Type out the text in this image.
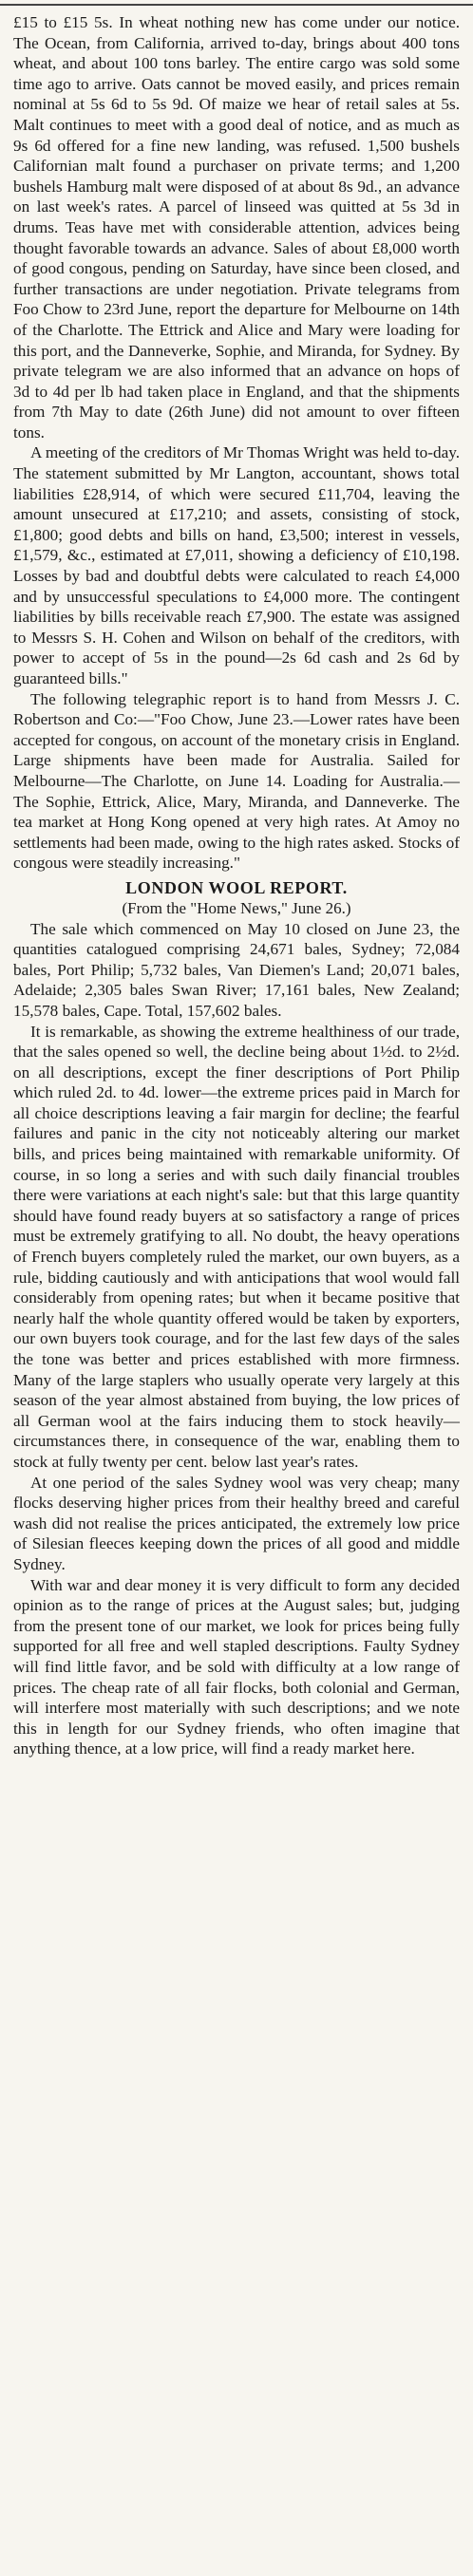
£15 to £15 5s. In wheat nothing new has come under our notice. The Ocean, from California, arrived to-day, brings about 400 tons wheat, and about 100 tons barley. The entire cargo was sold some time ago to arrive. Oats cannot be moved easily, and prices remain nominal at 5s 6d to 5s 9d. Of maize we hear of retail sales at 5s. Malt continues to meet with a good deal of notice, and as much as 9s 6d offered for a fine new landing, was refused. 1,500 bushels Californian malt found a purchaser on private terms; and 1,200 bushels Hamburg malt were disposed of at about 8s 9d., an advance on last week's rates. A parcel of linseed was quitted at 5s 3d in drums. Teas have met with considerable attention, advices being thought favorable towards an advance. Sales of about £8,000 worth of good congous, pending on Saturday, have since been closed, and further transactions are under negotiation. Private telegrams from Foo Chow to 23rd June, report the departure for Melbourne on 14th of the Charlotte. The Ettrick and Alice and Mary were loading for this port, and the Danneverke, Sophie, and Miranda, for Sydney. By private telegram we are also informed that an advance on hops of 3d to 4d per lb had taken place in England, and that the shipments from 7th May to date (26th June) did not amount to over fifteen tons.

A meeting of the creditors of Mr Thomas Wright was held to-day. The statement submitted by Mr Langton, accountant, shows total liabilities £28,914, of which were secured £11,704, leaving the amount unsecured at £17,210; and assets, consisting of stock, £1,800; good debts and bills on hand, £3,500; interest in vessels, £1,579, &c., estimated at £7,011, showing a deficiency of £10,198. Losses by bad and doubtful debts were calculated to reach £4,000 and by unsuccessful speculations to £4,000 more. The contingent liabilities by bills receivable reach £7,900. The estate was assigned to Messrs S. H. Cohen and Wilson on behalf of the creditors, with power to accept of 5s in the pound—2s 6d cash and 2s 6d by guaranteed bills."

The following telegraphic report is to hand from Messrs J. C. Robertson and Co:—"Foo Chow, June 23.—Lower rates have been accepted for congous, on account of the monetary crisis in England. Large shipments have been made for Australia. Sailed for Melbourne—The Charlotte, on June 14. Loading for Australia.—The Sophie, Ettrick, Alice, Mary, Miranda, and Danneverke. The tea market at Hong Kong opened at very high rates. At Amoy no settlements had been made, owing to the high rates asked. Stocks of congous were steadily increasing."

LONDON WOOL REPORT.

(From the "Home News," June 26.)

The sale which commenced on May 10 closed on June 23, the quantities catalogued comprising 24,671 bales, Sydney; 72,084 bales, Port Philip; 5,732 bales, Van Diemen's Land; 20,071 bales, Adelaide; 2,305 bales Swan River; 17,161 bales, New Zealand; 15,578 bales, Cape. Total, 157,602 bales.

It is remarkable, as showing the extreme healthiness of our trade, that the sales opened so well, the decline being about 1½d. to 2½d. on all descriptions, except the finer descriptions of Port Philip which ruled 2d. to 4d. lower—the extreme prices paid in March for all choice descriptions leaving a fair margin for decline; the fearful failures and panic in the city not noticeably altering our market bills, and prices being maintained with remarkable uniformity. Of course, in so long a series and with such daily financial troubles there were variations at each night's sale: but that this large quantity should have found ready buyers at so satisfactory a range of prices must be extremely gratifying to all. No doubt, the heavy operations of French buyers completely ruled the market, our own buyers, as a rule, bidding cautiously and with anticipations that wool would fall considerably from opening rates; but when it became positive that nearly half the whole quantity offered would be taken by exporters, our own buyers took courage, and for the last few days of the sales the tone was better and prices established with more firmness. Many of the large staplers who usually operate very largely at this season of the year almost abstained from buying, the low prices of all German wool at the fairs inducing them to stock heavily—circumstances there, in consequence of the war, enabling them to stock at fully twenty per cent. below last year's rates.

At one period of the sales Sydney wool was very cheap; many flocks deserving higher prices from their healthy breed and careful wash did not realise the prices anticipated, the extremely low price of Silesian fleeces keeping down the prices of all good and middle Sydney.

With war and dear money it is very difficult to form any decided opinion as to the range of prices at the August sales; but, judging from the present tone of our market, we look for prices being fully supported for all free and well stapled descriptions. Faulty Sydney will find little favor, and be sold with difficulty at a low range of prices. The cheap rate of all fair flocks, both colonial and German, will interfere most materially with such descriptions; and we note this in length for our Sydney friends, who often imagine that anything thence, at a low price, will find a ready market here.
